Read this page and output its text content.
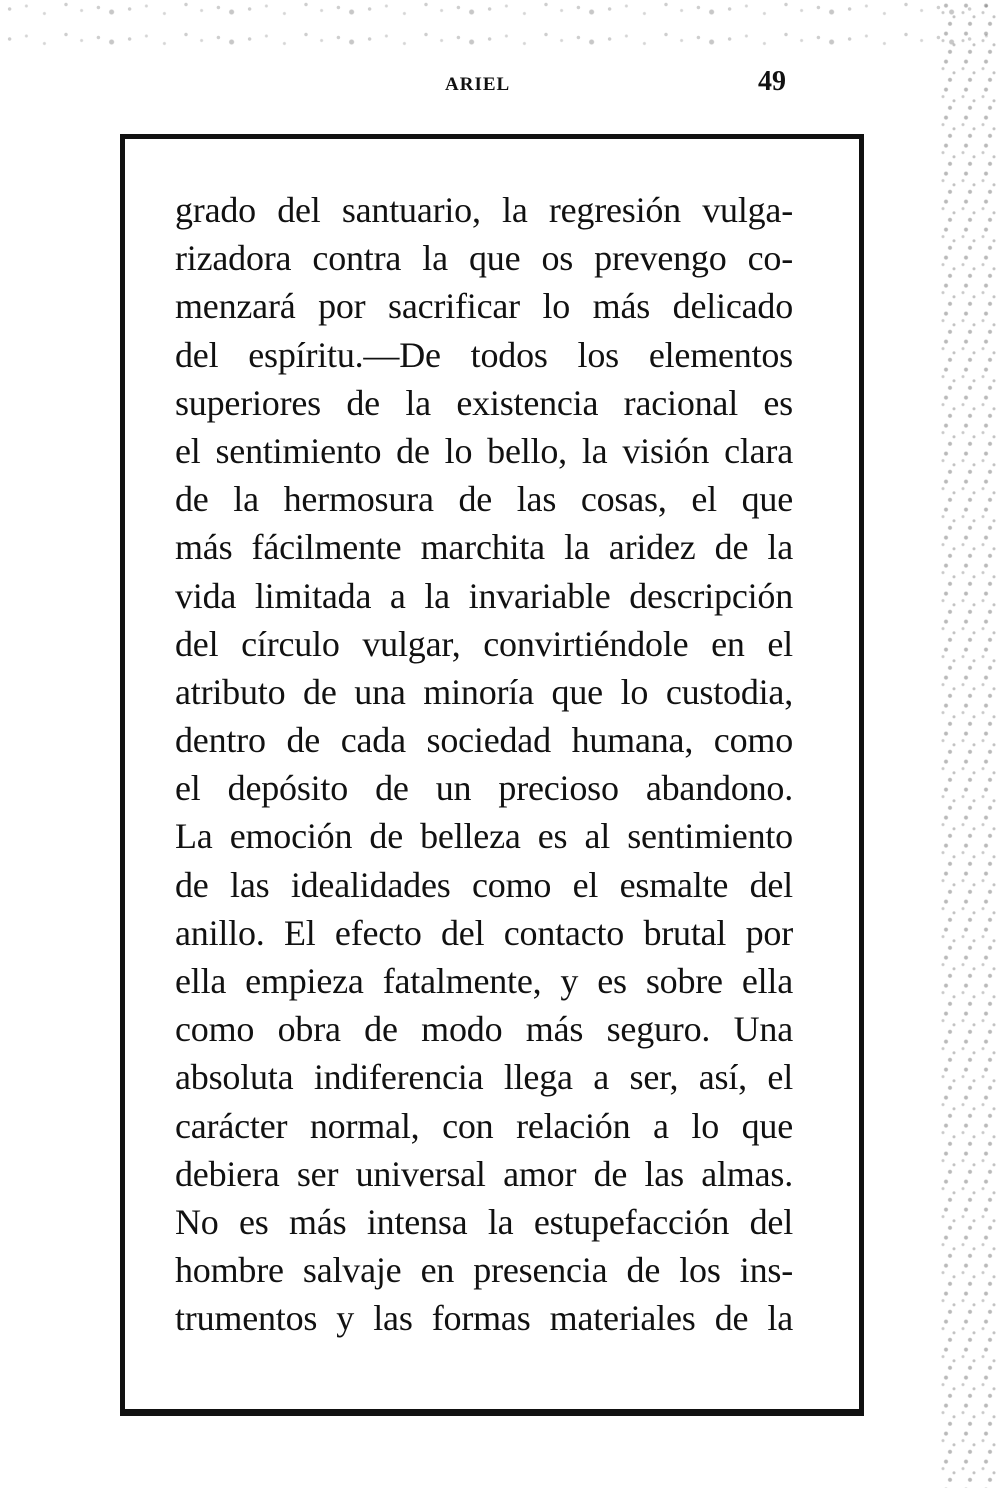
ARIEL	49
grado del santuario, la regresión vulga-
rizadora contra la que os prevengo co-
menzará por sacrificar lo más delicado
del espíritu.—De todos los elementos
superiores de la existencia racional es
el sentimiento de lo bello, la visión clara
de la hermosura de las cosas, el que
más fácilmente marchita la aridez de la
vida limitada a la invariable descripción
del círculo vulgar, convirtiéndole en el
atributo de una minoría que lo custodia,
dentro de cada sociedad humana, como
el depósito de un precioso abandono.
La emoción de belleza es al sentimiento
de las idealidades como el esmalte del
anillo. El efecto del contacto brutal por
ella empieza fatalmente, y es sobre ella
como obra de modo más seguro. Una
absoluta indiferencia llega a ser, así, el
carácter normal, con relación a lo que
debiera ser universal amor de las almas.
No es más intensa la estupefacción del
hombre salvaje en presencia de los ins-
trumentos y las formas materiales de la
